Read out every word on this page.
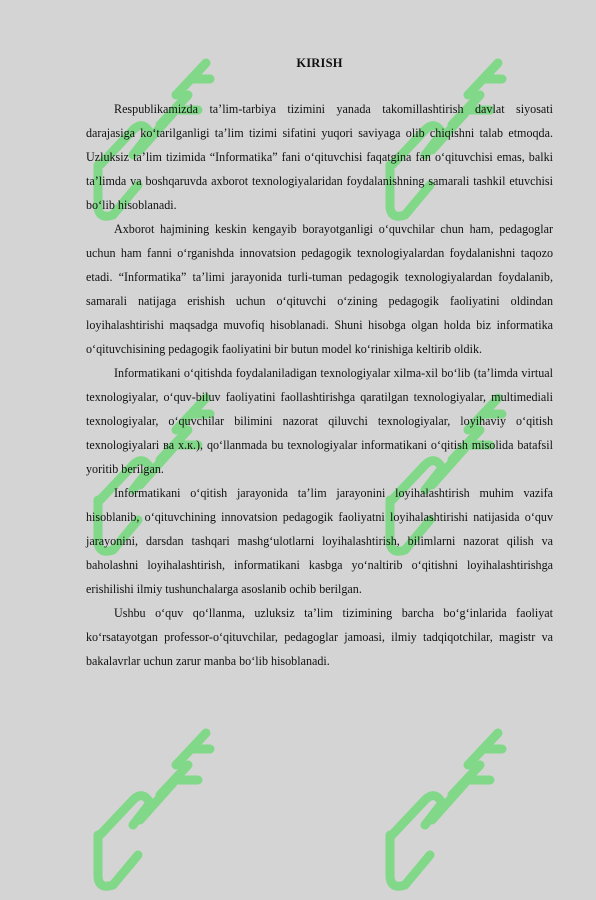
KIRISH

Respublikamizda ta’lim-tarbiya tizimini yanada takomillashtirish davlat siyosati darajasiga ko‘tarilganligi ta’lim tizimi sifatini yuqori saviyaga olib chiqishni talab etmoqda. Uzluksiz ta’lim tizimida “Informatika” fani o‘qituvchisi faqatgina fan o‘qituvchisi emas, balki ta’limda va boshqaruvda axborot texnologiyalaridan foydalanishning samarali tashkil etuvchisi bo‘lib hisoblanadi.

Axborot hajmining keskin kengayib borayotganligi o‘quvchilar chun ham, pedagoglar uchun ham fanni o‘rganishda innovatsion pedagogik texnologiyalardan foydalanishni taqozo etadi. “Informatika” ta’limi jarayonida turli-tuman pedagogik texnologiyalardan foydalanib, samarali natijaga erishish uchun o‘qituvchi o‘zining pedagogik faoliyatini oldindan loyihalashtirishi maqsadga muvofiq hisoblanadi. Shuni hisobga olgan holda biz informatika o‘qituvchisining pedagogik faoliyatini bir butun model ko‘rinishiga keltirib oldik.

Informatikani o‘qitishda foydalaniladigan texnologiyalar xilma-xil bo‘lib (ta’limda virtual texnologiyalar, o‘quv-biluv faoliyatini faollashtirishga qaratilgan texnologiyalar, multimediali texnologiyalar, o‘quvchilar bilimini nazorat qiluvchi texnologiyalar, loyihaviy o‘qitish texnologiyalari ва х.к.), qo‘llanmada bu texnologiyalar informatikani o‘qitish misolida batafsil yoritib berilgan.

Informatikani o‘qitish jarayonida ta’lim jarayonini loyihalashtirish muhim vazifa hisoblanib, o‘qituvchining innovatsion pedagogik faoliyatni loyihalashtirishi natijasida o‘quv jarayonini, darsdan tashqari mashg‘ulotlarni loyihalashtirish, bilimlarni nazorat qilish va baholashni loyihalashtirish, informatikani kasbga yo‘naltirib o‘qitishni loyihalashtirishga erishilishi ilmiy tushunchalarga asoslanib ochib berilgan.

Ushbu o‘quv qo‘llanma, uzluksiz ta’lim tizimining barcha bo‘g‘inlarida faoliyat ko‘rsatayotgan professor-o‘qituvchilar, pedagoglar jamoasi, ilmiy tadqiqotchilar, magistr va bakalavrlar uchun zarur manba bo‘lib hisoblanadi.
